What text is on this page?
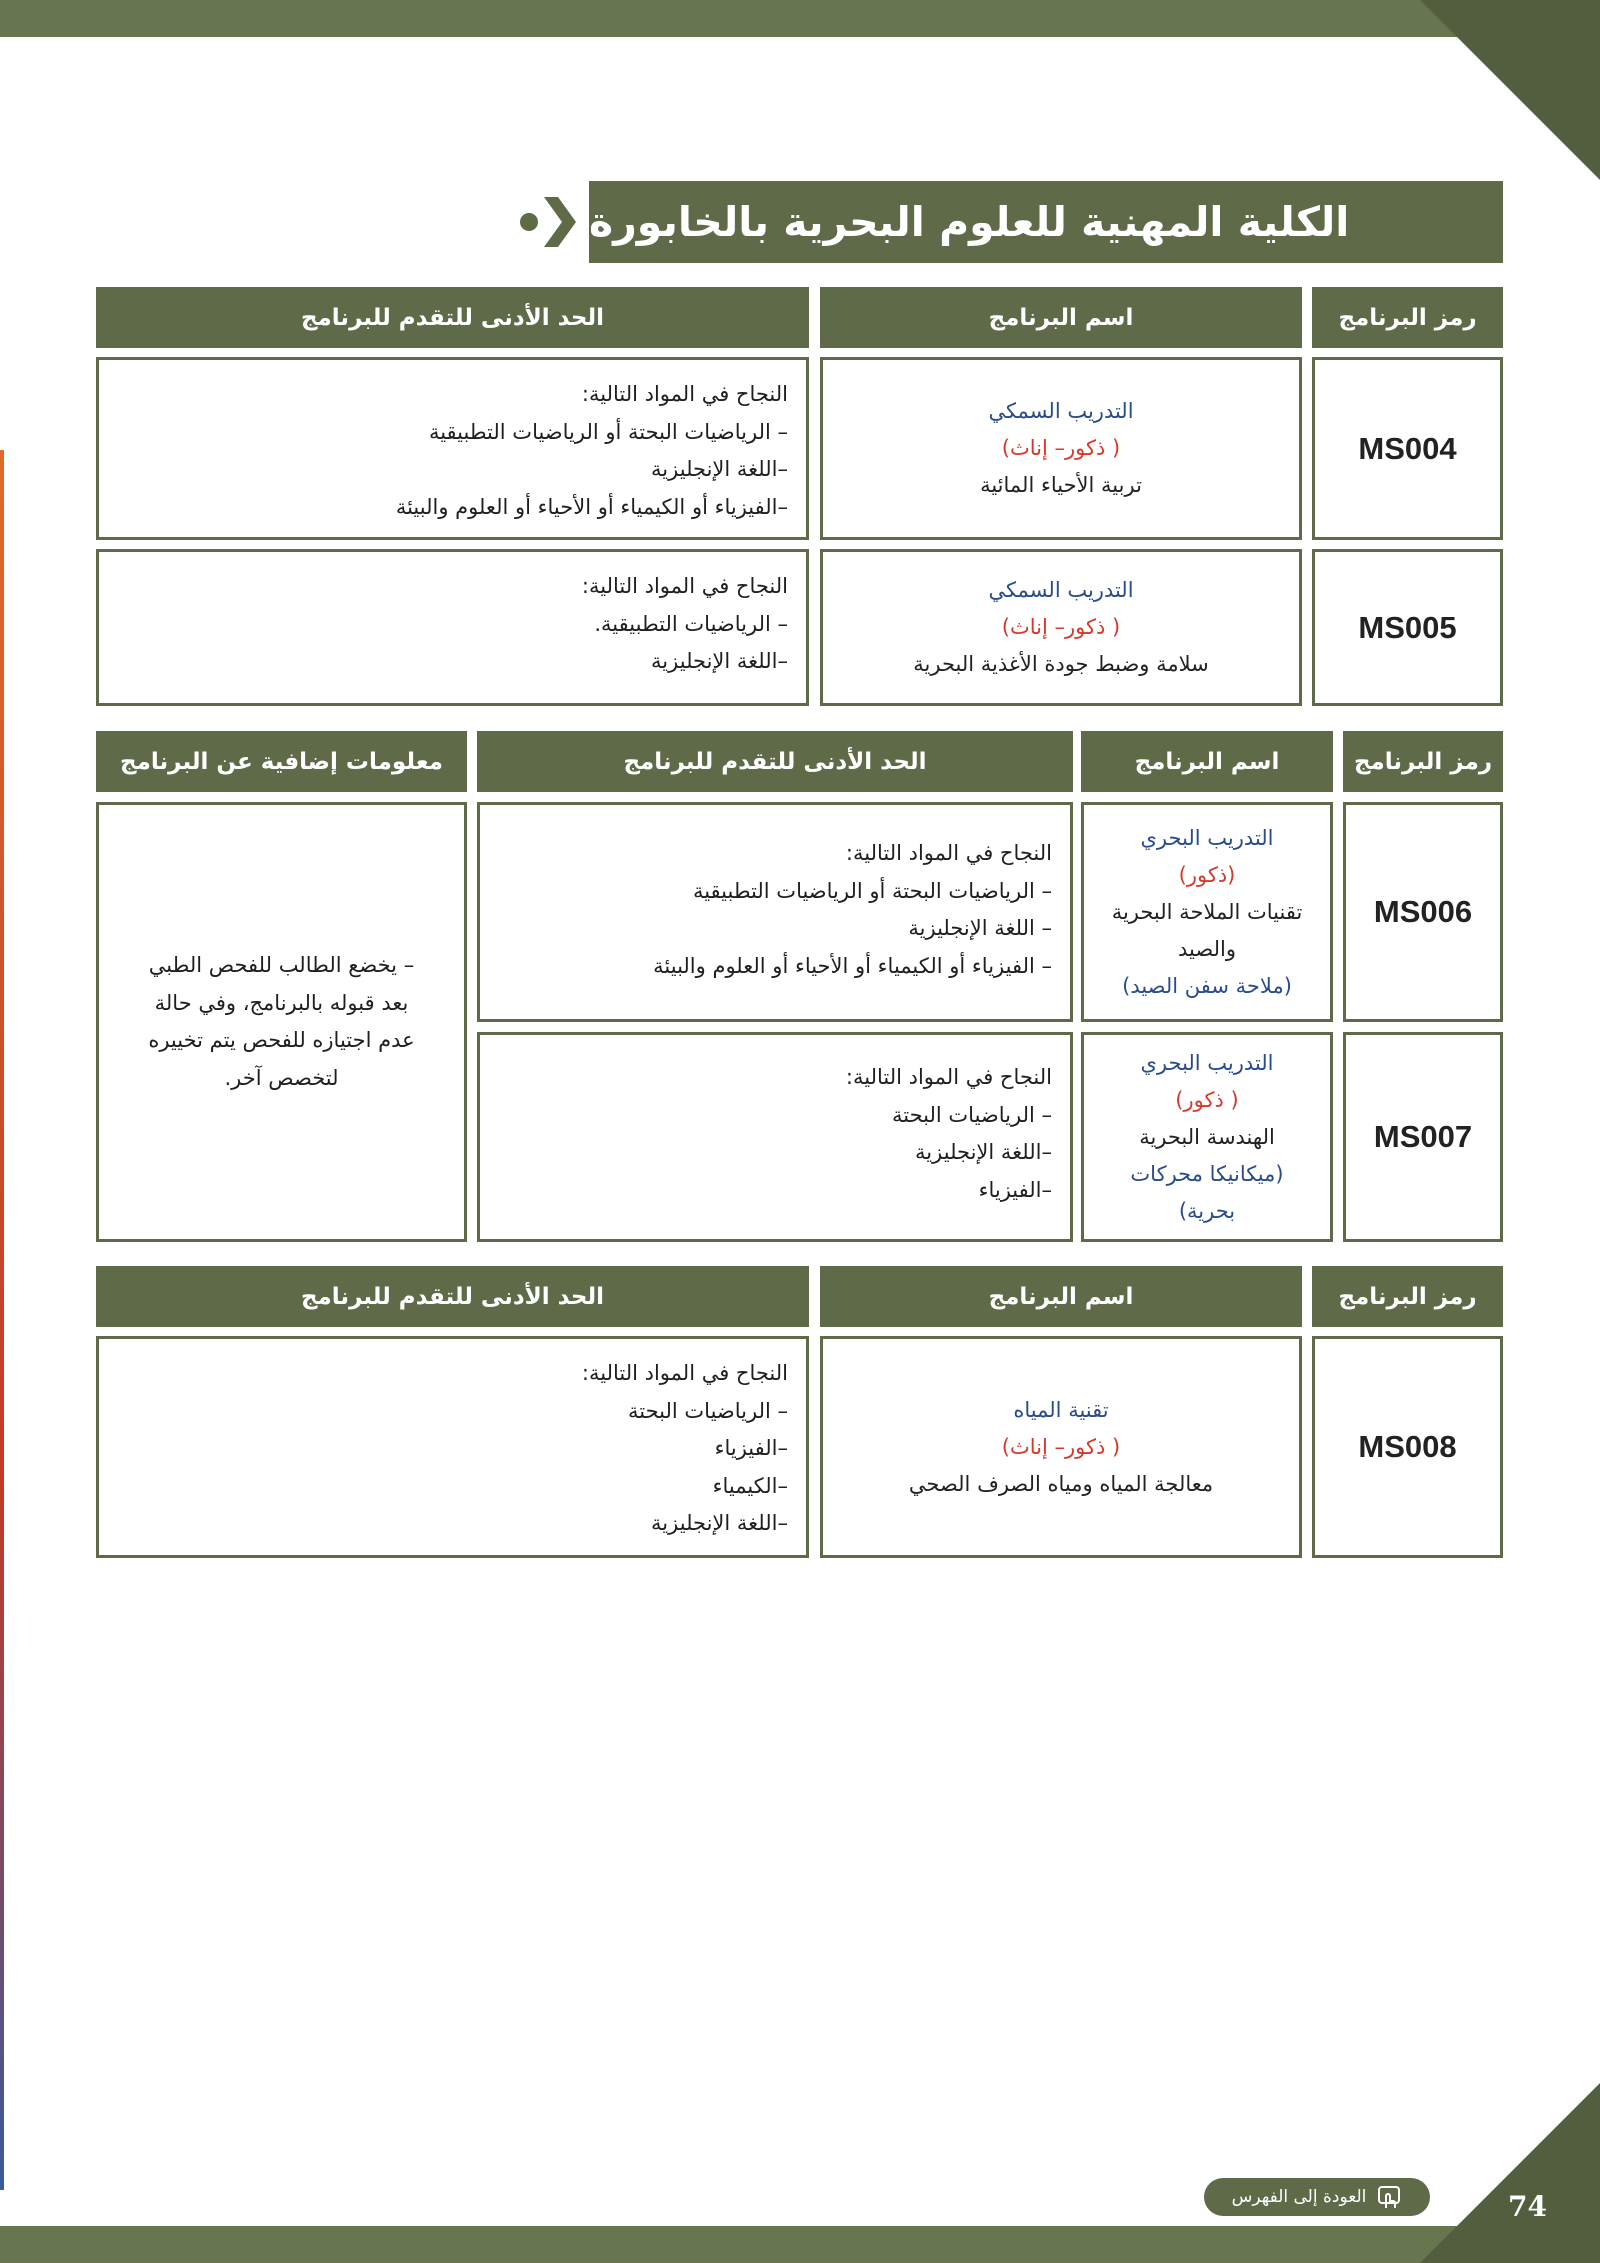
الكلية المهنية للعلوم البحرية بالخابورة
رمز البرنامج
اسم البرنامج
الحد الأدنى للتقدم للبرنامج
MS004
التدريب السمكي
( ذكور– إناث)
تربية الأحياء المائية
النجاح في المواد التالية:
– الرياضيات البحتة أو الرياضيات التطبيقية
–اللغة الإنجليزية
–الفيزياء أو الكيمياء أو الأحياء أو العلوم والبيئة
MS005
التدريب السمكي
( ذكور– إناث)
سلامة وضبط جودة الأغذية البحرية
النجاح في المواد التالية:
– الرياضيات التطبيقية.
–اللغة الإنجليزية
رمز البرنامج
اسم البرنامج
الحد الأدنى للتقدم للبرنامج
معلومات إضافية عن البرنامج
MS006
التدريب البحري
(ذكور)
تقنيات الملاحة البحرية
والصيد
(ملاحة سفن الصيد)
النجاح في المواد التالية:
– الرياضيات البحتة أو الرياضيات التطبيقية
– اللغة الإنجليزية
– الفيزياء أو الكيمياء أو الأحياء أو العلوم والبيئة
MS007
التدريب البحري
( ذكور)
الهندسة البحرية
(ميكانيكا محركات
بحرية)
النجاح في المواد التالية:
– الرياضيات البحتة
–اللغة الإنجليزية
–الفيزياء
– يخضع الطالب للفحص الطبي
بعد قبوله بالبرنامج، وفي حالة
عدم اجتيازه للفحص يتم تخييره
لتخصص آخر.
رمز البرنامج
اسم البرنامج
الحد الأدنى للتقدم للبرنامج
MS008
تقنية المياه
( ذكور– إناث)
معالجة المياه ومياه الصرف الصحي
النجاح في المواد التالية:
– الرياضيات البحتة
–الفيزياء
–الكيمياء
–اللغة الإنجليزية
العودة إلى الفهرس	74
